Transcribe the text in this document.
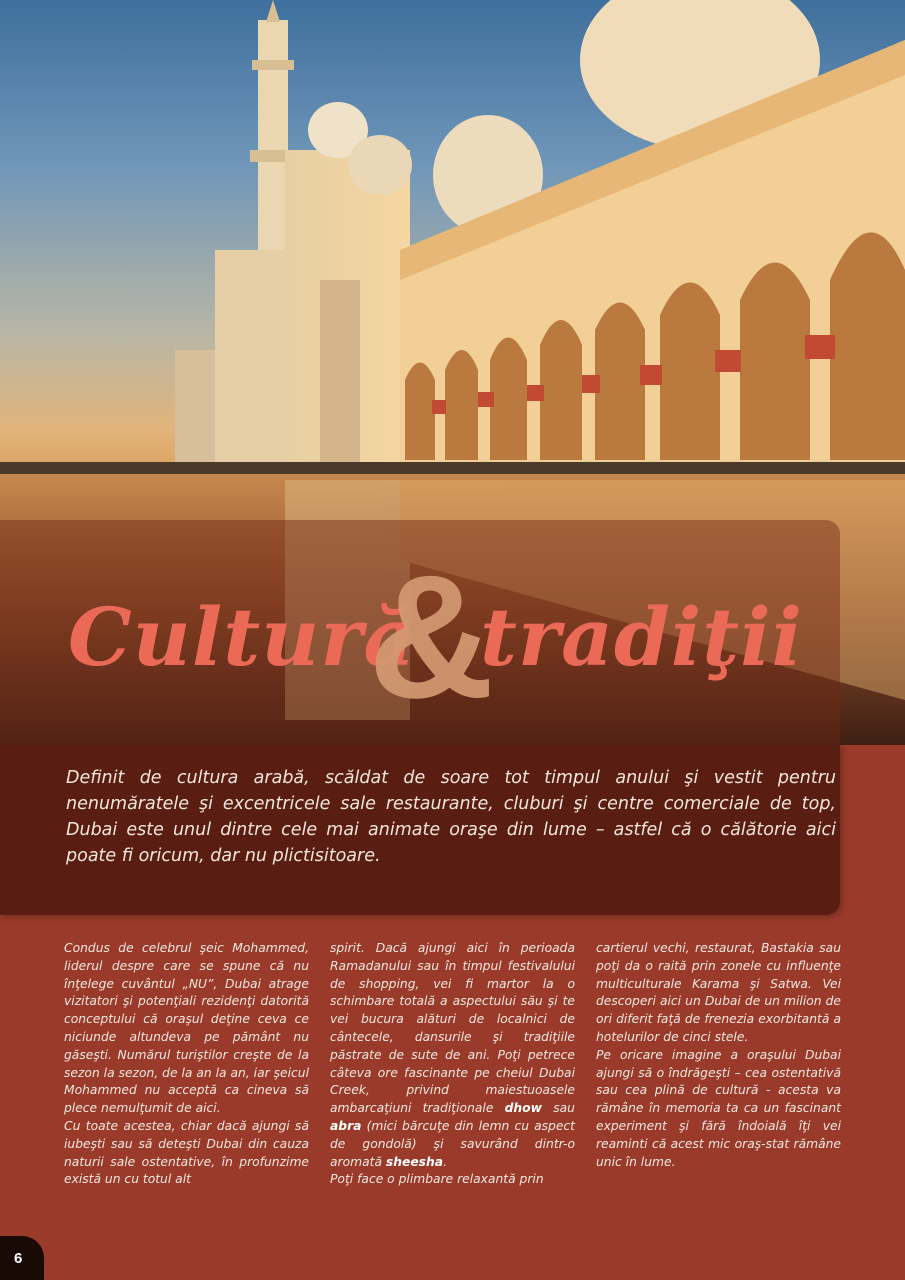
Cultură
&
tradiţii

Definit de cultura arabă, scăldat de soare tot timpul anului şi vestit pentru nenumăratele şi excentricele sale restaurante, cluburi şi centre comerciale de top, Dubai este unul dintre cele mai animate oraşe din lume – astfel că o călătorie aici poate fi oricum, dar nu plictisitoare.

Condus de celebrul şeic Mohammed, liderul despre care se spune că nu înţelege cuvântul „NU”, Dubai atrage vizitatori şi potenţiali rezidenţi datorită conceptului că oraşul deţine ceva ce niciunde altundeva pe pământ nu găseşti. Numărul turiştilor creşte de la sezon la sezon, de la an la an, iar şeicul Mohammed nu acceptă ca cineva să plece nemulţumit de aici.

Cu toate acestea, chiar dacă ajungi să iubeşti sau să deteşti Dubai din cauza naturii sale ostentative, în profunzime există un cu totul alt

spirit. Dacă ajungi aici în perioada Ramadanului sau în timpul festivalului de shopping, vei fi martor la o schimbare totală a aspectului său şi te vei bucura alături de localnici de cântecele, dansurile şi tradiţiile păstrate de sute de ani. Poţi petrece câteva ore fascinante pe cheiul Dubai Creek, privind maiestuoasele ambarcaţiuni tradiţionale dhow sau abra (mici bărcuţe din lemn cu aspect de gondolă) şi savurând dintr-o aromată sheesha.

Poţi face o plimbare relaxantă prin

cartierul vechi, restaurat, Bastakia sau poţi da o raită prin zonele cu influenţe multiculturale Karama şi Satwa. Vei descoperi aici un Dubai de un milion de ori diferit faţă de frenezia exorbitantă a hotelurilor de cinci stele.

Pe oricare imagine a oraşului Dubai ajungi să o îndrăgeşti – cea ostentativă sau cea plină de cultură - acesta va rămâne în memoria ta ca un fascinant experiment şi fără îndoială îţi vei reaminti că acest mic oraş-stat rămâne unic în lume.

6
